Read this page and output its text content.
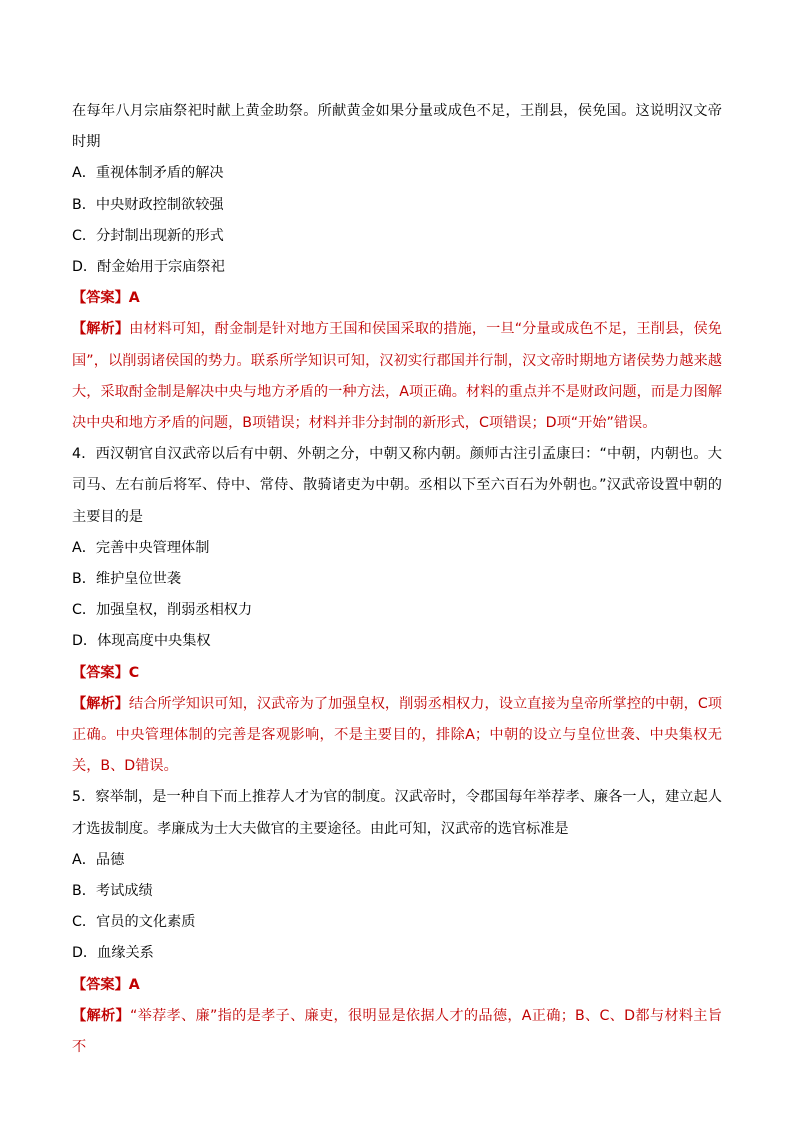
在每年八月宗庙祭祀时献上黄金助祭。所献黄金如果分量或成色不足，王削县，侯免国。这说明汉文帝时期
A．重视体制矛盾的解决
B．中央财政控制欲较强
C．分封制出现新的形式
D．酎金始用于宗庙祭祀
【答案】A
【解析】由材料可知，酎金制是针对地方王国和侯国采取的措施，一旦“分量或成色不足，王削县，侯免国”，以削弱诸侯国的势力。联系所学知识可知，汉初实行郡国并行制，汉文帝时期地方诸侯势力越来越大，采取酎金制是解决中央与地方矛盾的一种方法，A项正确。材料的重点并不是财政问题，而是力图解决中央和地方矛盾的问题，B项错误；材料并非分封制的新形式，C项错误；D项“开始”错误。
4．西汉朝官自汉武帝以后有中朝、外朝之分，中朝又称内朝。颜师古注引孟康曰：“中朝，内朝也。大司马、左右前后将军、侍中、常侍、散骑诸吏为中朝。丞相以下至六百石为外朝也。”汉武帝设置中朝的主要目的是
A．完善中央管理体制
B．维护皇位世袭
C．加强皇权，削弱丞相权力
D．体现高度中央集权
【答案】C
【解析】结合所学知识可知，汉武帝为了加强皇权，削弱丞相权力，设立直接为皇帝所掌控的中朝，C项正确。中央管理体制的完善是客观影响，不是主要目的，排除A；中朝的设立与皇位世袭、中央集权无关，B、D错误。
5．察举制，是一种自下而上推荐人才为官的制度。汉武帝时，令郡国每年举荐孝、廉各一人，建立起人才选拔制度。孝廉成为士大夫做官的主要途径。由此可知，汉武帝的选官标准是
A．品德
B．考试成绩
C．官员的文化素质
D．血缘关系
【答案】A
【解析】“举荐孝、廉”指的是孝子、廉吏，很明显是依据人才的品德，A正确；B、C、D都与材料主旨不
